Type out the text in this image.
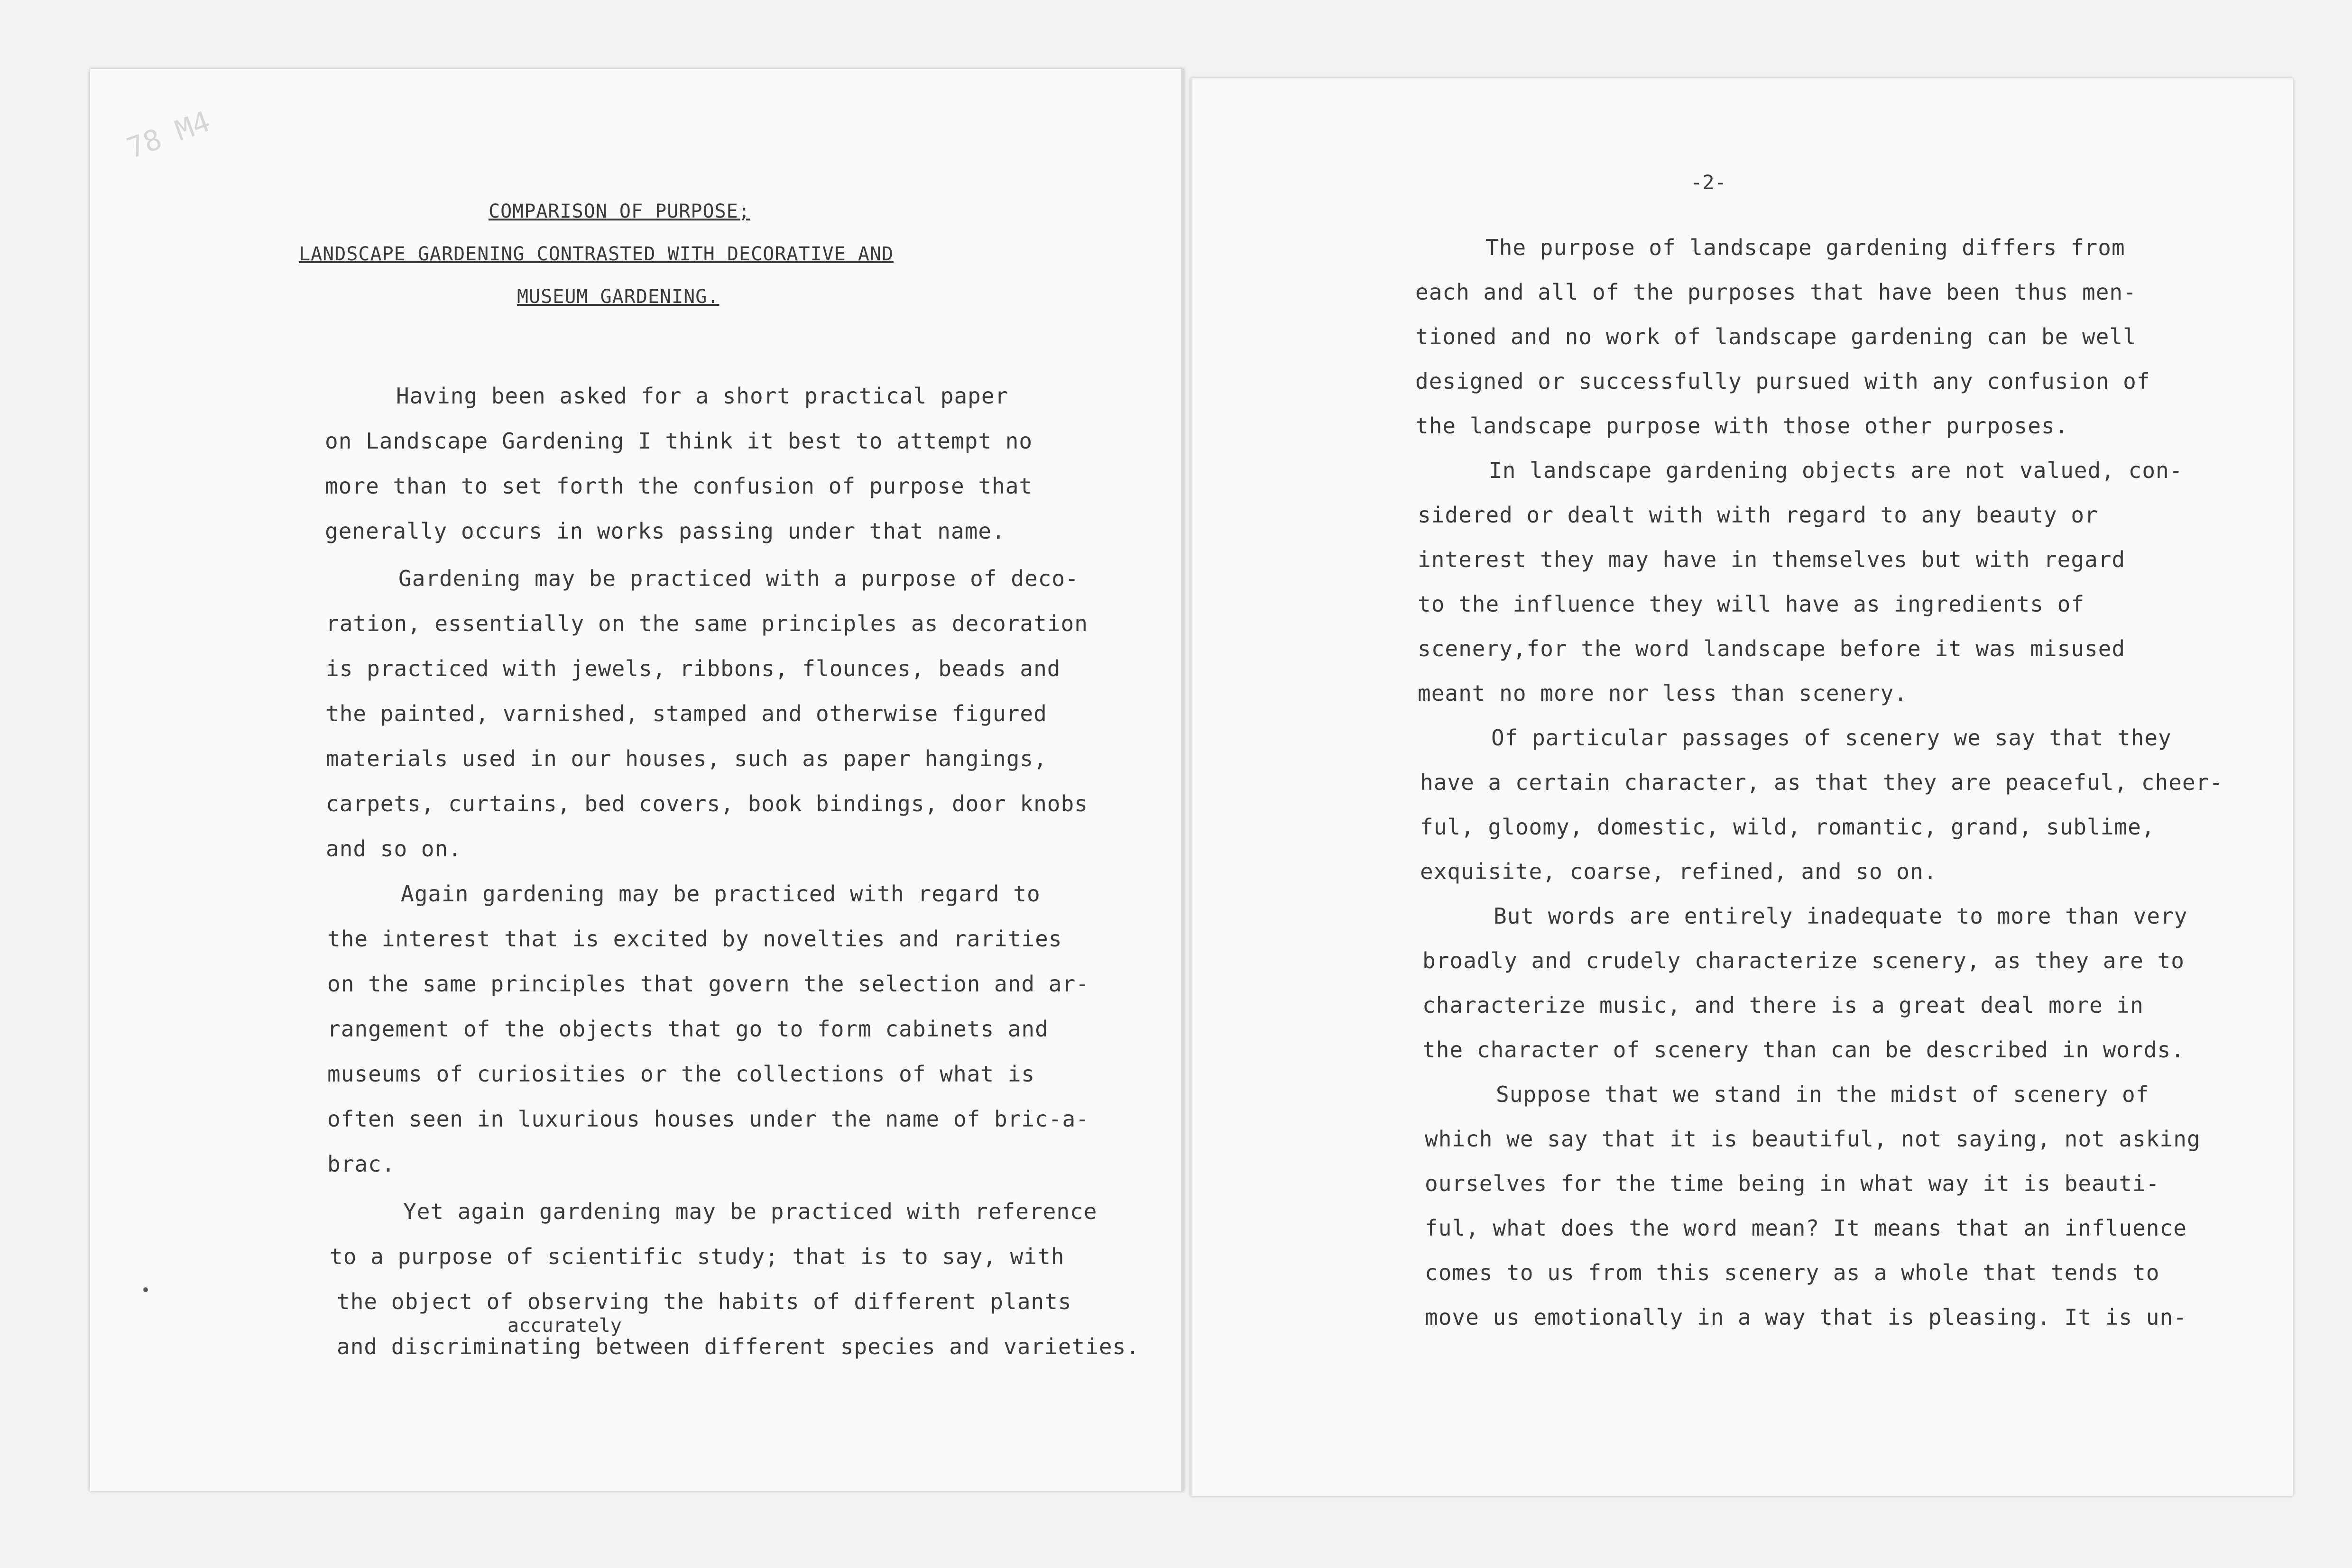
78 M4
COMPARISON OF PURPOSE;
LANDSCAPE GARDENING CONTRASTED WITH DECORATIVE AND
MUSEUM GARDENING.
Having been asked for a short practical paper
on Landscape Gardening I think it best to attempt no
more than to set forth the confusion of purpose that
generally occurs in works passing under that name.
Gardening may be practiced with a purpose of deco-
ration, essentially on the same principles as decoration
is practiced with jewels, ribbons, flounces, beads and
the painted, varnished, stamped and otherwise figured
materials used in our houses, such as paper hangings,
carpets, curtains, bed covers, book bindings, door knobs
and so on.
Again gardening may be practiced with regard to
the interest that is excited by novelties and rarities
on the same principles that govern the selection and ar-
rangement of the objects that go to form cabinets and
museums of curiosities or the collections of what is
often seen in luxurious houses under the name of bric-a-
brac.
Yet again gardening may be practiced with reference
to a purpose of scientific study; that is to say, with
the object of observing the habits of different plants
accurately
and discriminating between different species and varieties.
-2-
The purpose of landscape gardening differs from
each and all of the purposes that have been thus men-
tioned and no work of landscape gardening can be well
designed or successfully pursued with any confusion of
the landscape purpose with those other purposes.
In landscape gardening objects are not valued, con-
sidered or dealt with with regard to any beauty or
interest they may have in themselves but with regard
to the influence they will have as ingredients of
scenery,for the word landscape before it was misused
meant no more nor less than scenery.
Of particular passages of scenery we say that they
have a certain character, as that they are peaceful, cheer-
ful, gloomy, domestic, wild, romantic, grand, sublime,
exquisite, coarse, refined, and so on.
But words are entirely inadequate to more than very
broadly and crudely characterize scenery, as they are to
characterize music, and there is a great deal more in
the character of scenery than can be described in words.
Suppose that we stand in the midst of scenery of
which we say that it is beautiful, not saying, not asking
ourselves for the time being in what way it is beauti-
ful, what does the word mean? It means that an influence
comes to us from this scenery as a whole that tends to
move us emotionally in a way that is pleasing. It is un-
